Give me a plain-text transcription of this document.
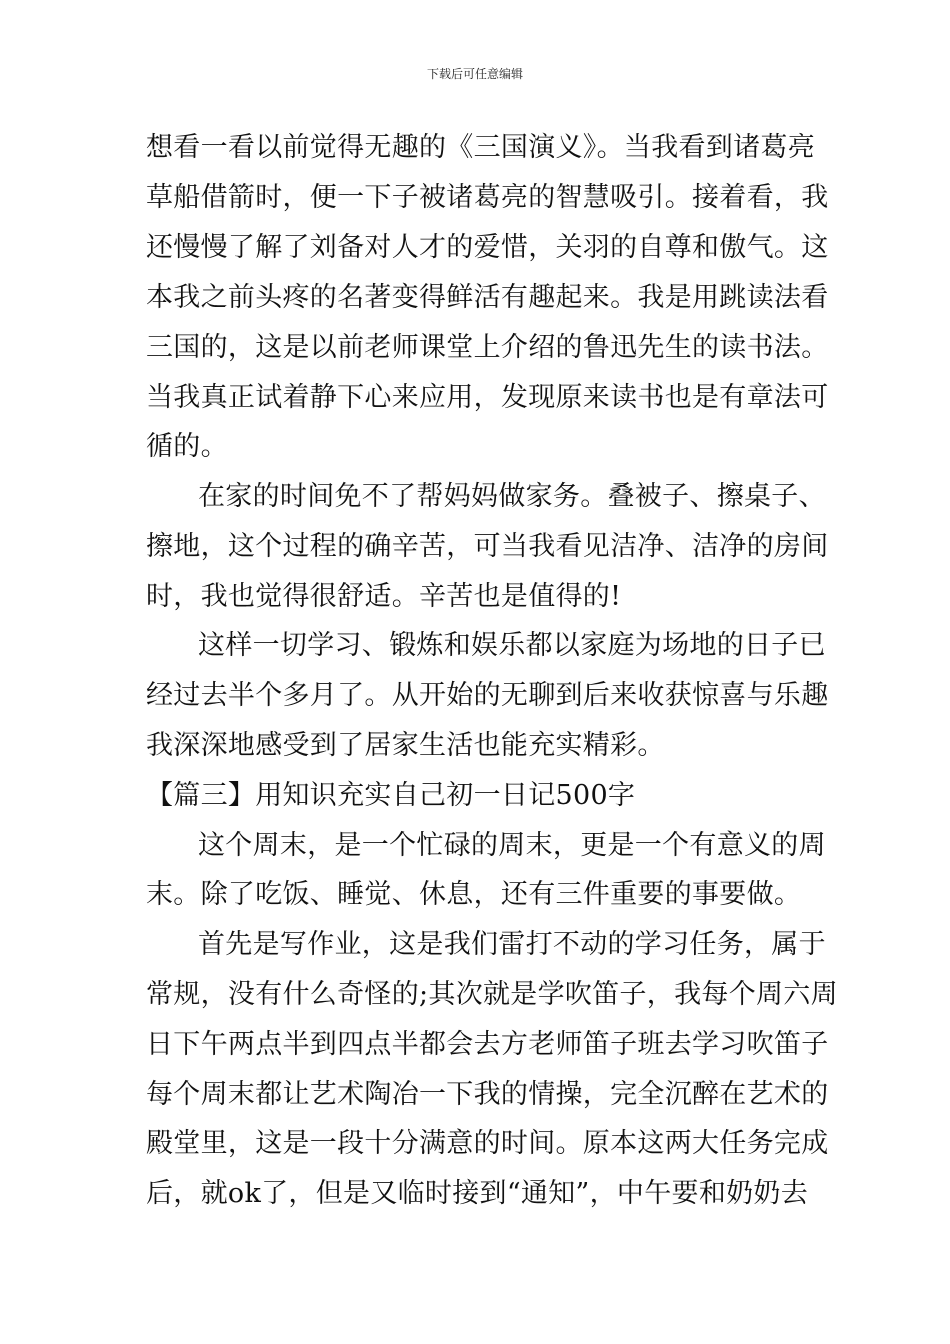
下载后可任意编辑
想看一看以前觉得无趣的《三国演义》。当我看到诸葛亮
草船借箭时，便一下子被诸葛亮的智慧吸引。接着看，我
还慢慢了解了刘备对人才的爱惜，关羽的自尊和傲气。这
本我之前头疼的名著变得鲜活有趣起来。我是用跳读法看
三国的，这是以前老师课堂上介绍的鲁迅先生的读书法。
当我真正试着静下心来应用，发现原来读书也是有章法可
循的。
在家的时间免不了帮妈妈做家务。叠被子、擦桌子、
擦地，这个过程的确辛苦，可当我看见洁净、洁净的房间
时，我也觉得很舒适。辛苦也是值得的!
这样一切学习、锻炼和娱乐都以家庭为场地的日子已
经过去半个多月了。从开始的无聊到后来收获惊喜与乐趣
我深深地感受到了居家生活也能充实精彩。
【篇三】用知识充实自己初一日记500字
这个周末，是一个忙碌的周末，更是一个有意义的周
末。除了吃饭、睡觉、休息，还有三件重要的事要做。
首先是写作业，这是我们雷打不动的学习任务，属于
常规，没有什么奇怪的;其次就是学吹笛子，我每个周六周
日下午两点半到四点半都会去方老师笛子班去学习吹笛子
每个周末都让艺术陶冶一下我的情操，完全沉醉在艺术的
殿堂里，这是一段十分满意的时间。原本这两大任务完成
后，就ok了，但是又临时接到“通知”，中午要和奶奶去
